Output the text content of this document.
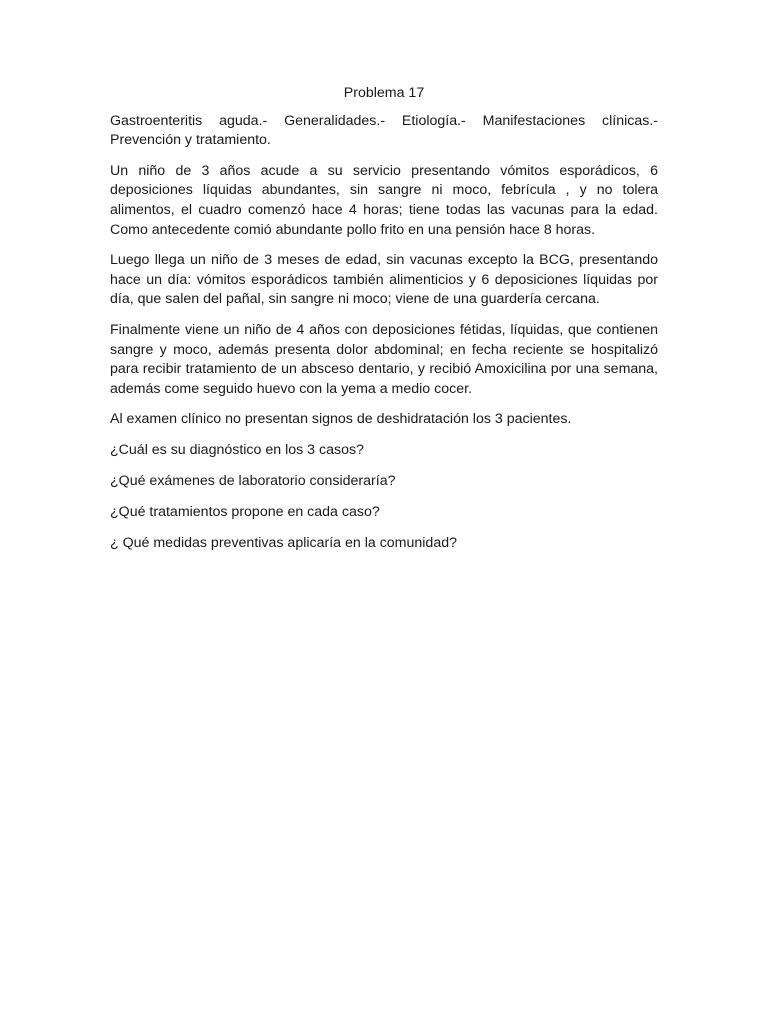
Problema 17

Gastroenteritis aguda.- Generalidades.- Etiología.- Manifestaciones clínicas.- Prevención y tratamiento.

Un niño de 3 años acude a su servicio presentando vómitos esporádicos, 6 deposiciones líquidas abundantes, sin sangre ni moco, febrícula , y no tolera alimentos, el cuadro comenzó hace 4 horas; tiene todas las vacunas para la edad. Como antecedente comió abundante pollo frito en una pensión hace 8 horas.

Luego llega un niño de 3 meses de edad, sin vacunas excepto la BCG, presentando hace un día: vómitos esporádicos también alimenticios y 6 deposiciones líquidas por día, que salen del pañal, sin sangre ni moco; viene de una guardería cercana.

Finalmente viene un niño de 4 años con deposiciones fétidas, líquidas, que contienen sangre y moco, además presenta dolor abdominal; en fecha reciente se hospitalizó para recibir tratamiento de un absceso dentario, y recibió Amoxicilina por una semana, además come seguido huevo con la yema a medio cocer.

Al examen clínico no presentan signos de deshidratación los 3 pacientes.

¿Cuál es su diagnóstico en los 3 casos?

¿Qué exámenes de laboratorio consideraría?

¿Qué tratamientos propone en cada caso?

¿ Qué medidas preventivas aplicaría en la comunidad?
